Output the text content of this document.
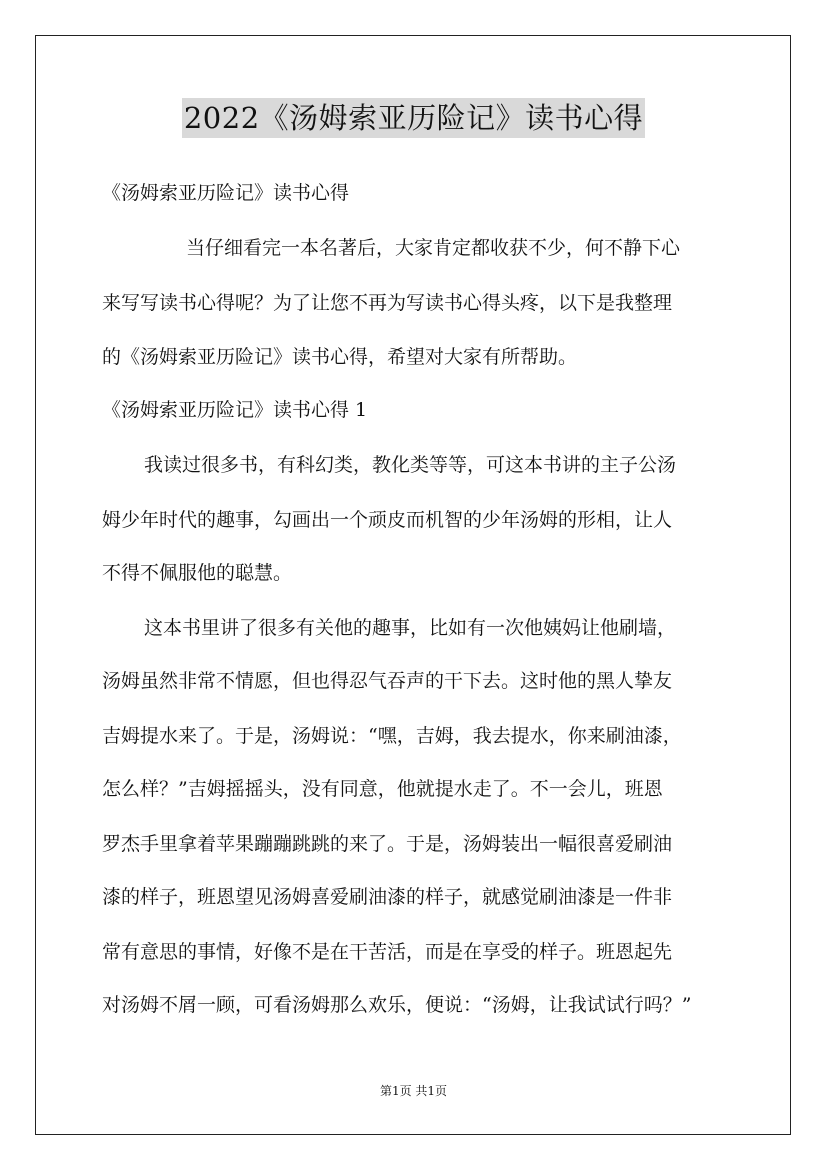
2022《汤姆索亚历险记》读书心得
《汤姆索亚历险记》读书心得
当仔细看完一本名著后，大家肯定都收获不少，何不静下心
来写写读书心得呢？为了让您不再为写读书心得头疼，以下是我整理
的《汤姆索亚历险记》读书心得，希望对大家有所帮助。
《汤姆索亚历险记》读书心得 1
我读过很多书，有科幻类，教化类等等，可这本书讲的主子公汤
姆少年时代的趣事，勾画出一个顽皮而机智的少年汤姆的形相，让人
不得不佩服他的聪慧。
这本书里讲了很多有关他的趣事，比如有一次他姨妈让他刷墙，
汤姆虽然非常不情愿，但也得忍气吞声的干下去。这时他的黑人挚友
吉姆提水来了。于是，汤姆说：“嘿，吉姆，我去提水，你来刷油漆，
怎么样？”吉姆摇摇头，没有同意，他就提水走了。不一会儿，班恩
罗杰手里拿着苹果蹦蹦跳跳的来了。于是，汤姆装出一幅很喜爱刷油
漆的样子，班恩望见汤姆喜爱刷油漆的样子，就感觉刷油漆是一件非
常有意思的事情，好像不是在干苦活，而是在享受的样子。班恩起先
对汤姆不屑一顾，可看汤姆那么欢乐，便说：“汤姆，让我试试行吗？”
第1页 共1页
